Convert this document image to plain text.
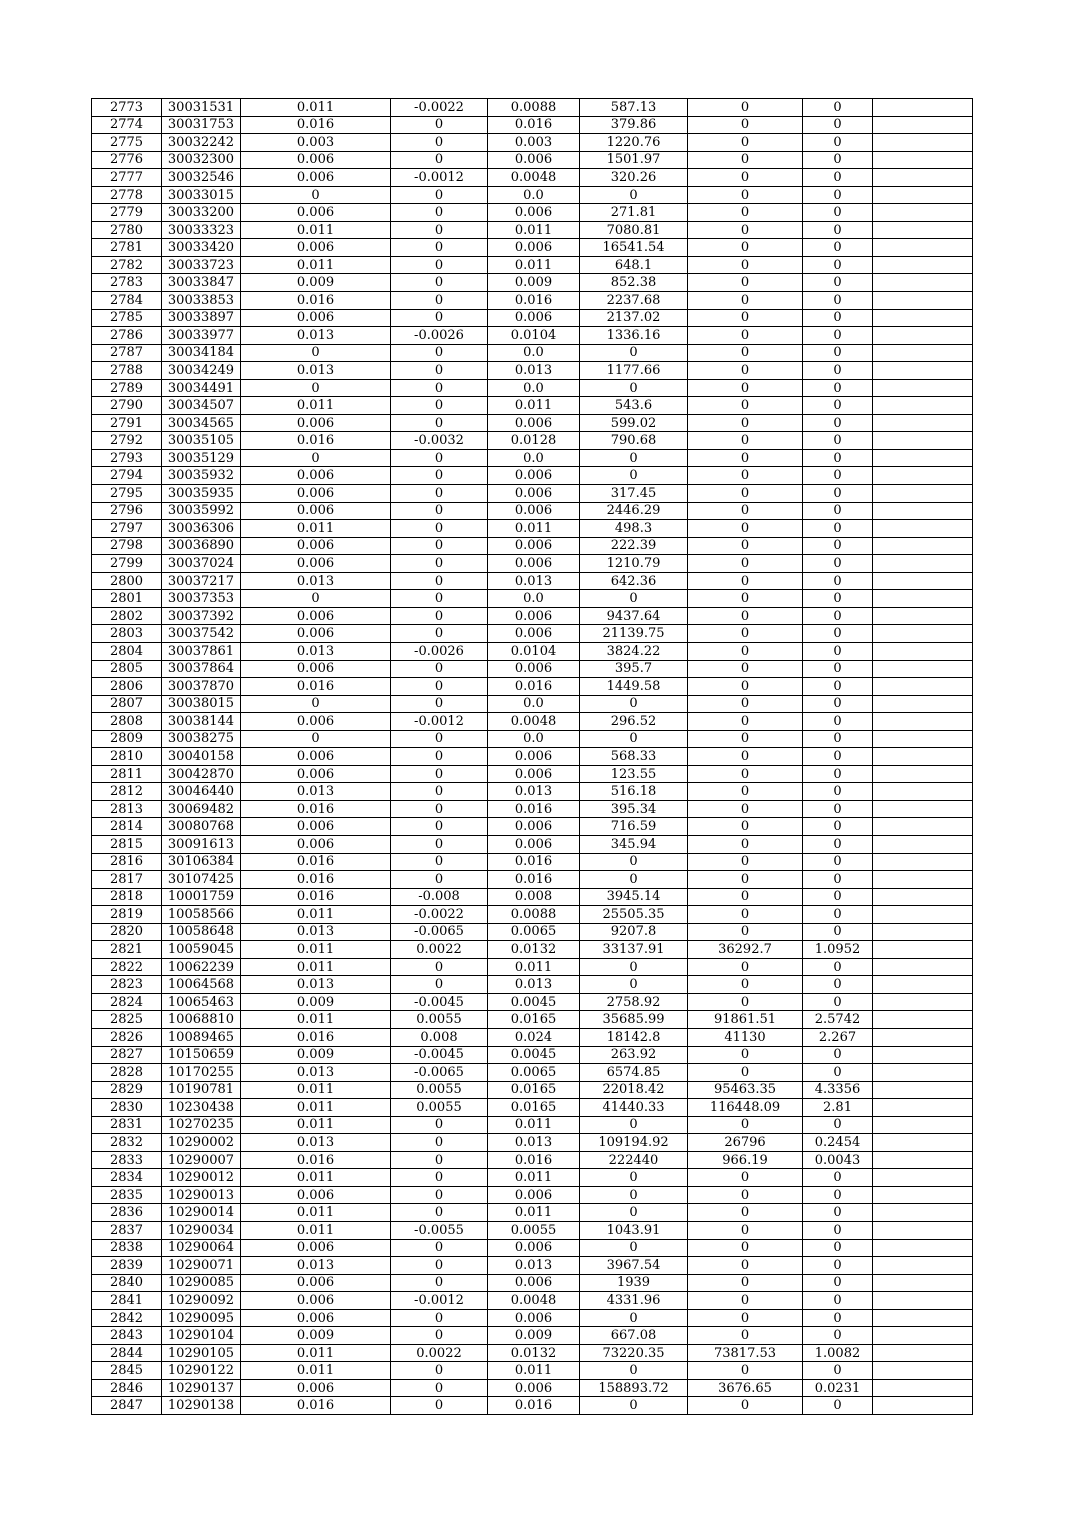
2773	30031531	0.011	-0.0022	0.0088	587.13	0	0	
2774	30031753	0.016	0	0.016	379.86	0	0	
2775	30032242	0.003	0	0.003	1220.76	0	0	
2776	30032300	0.006	0	0.006	1501.97	0	0	
2777	30032546	0.006	-0.0012	0.0048	320.26	0	0	
2778	30033015	0	0	0.0	0	0	0	
2779	30033200	0.006	0	0.006	271.81	0	0	
2780	30033323	0.011	0	0.011	7080.81	0	0	
2781	30033420	0.006	0	0.006	16541.54	0	0	
2782	30033723	0.011	0	0.011	648.1	0	0	
2783	30033847	0.009	0	0.009	852.38	0	0	
2784	30033853	0.016	0	0.016	2237.68	0	0	
2785	30033897	0.006	0	0.006	2137.02	0	0	
2786	30033977	0.013	-0.0026	0.0104	1336.16	0	0	
2787	30034184	0	0	0.0	0	0	0	
2788	30034249	0.013	0	0.013	1177.66	0	0	
2789	30034491	0	0	0.0	0	0	0	
2790	30034507	0.011	0	0.011	543.6	0	0	
2791	30034565	0.006	0	0.006	599.02	0	0	
2792	30035105	0.016	-0.0032	0.0128	790.68	0	0	
2793	30035129	0	0	0.0	0	0	0	
2794	30035932	0.006	0	0.006	0	0	0	
2795	30035935	0.006	0	0.006	317.45	0	0	
2796	30035992	0.006	0	0.006	2446.29	0	0	
2797	30036306	0.011	0	0.011	498.3	0	0	
2798	30036890	0.006	0	0.006	222.39	0	0	
2799	30037024	0.006	0	0.006	1210.79	0	0	
2800	30037217	0.013	0	0.013	642.36	0	0	
2801	30037353	0	0	0.0	0	0	0	
2802	30037392	0.006	0	0.006	9437.64	0	0	
2803	30037542	0.006	0	0.006	21139.75	0	0	
2804	30037861	0.013	-0.0026	0.0104	3824.22	0	0	
2805	30037864	0.006	0	0.006	395.7	0	0	
2806	30037870	0.016	0	0.016	1449.58	0	0	
2807	30038015	0	0	0.0	0	0	0	
2808	30038144	0.006	-0.0012	0.0048	296.52	0	0	
2809	30038275	0	0	0.0	0	0	0	
2810	30040158	0.006	0	0.006	568.33	0	0	
2811	30042870	0.006	0	0.006	123.55	0	0	
2812	30046440	0.013	0	0.013	516.18	0	0	
2813	30069482	0.016	0	0.016	395.34	0	0	
2814	30080768	0.006	0	0.006	716.59	0	0	
2815	30091613	0.006	0	0.006	345.94	0	0	
2816	30106384	0.016	0	0.016	0	0	0	
2817	30107425	0.016	0	0.016	0	0	0	
2818	10001759	0.016	-0.008	0.008	3945.14	0	0	
2819	10058566	0.011	-0.0022	0.0088	25505.35	0	0	
2820	10058648	0.013	-0.0065	0.0065	9207.8	0	0	
2821	10059045	0.011	0.0022	0.0132	33137.91	36292.7	1.0952	
2822	10062239	0.011	0	0.011	0	0	0	
2823	10064568	0.013	0	0.013	0	0	0	
2824	10065463	0.009	-0.0045	0.0045	2758.92	0	0	
2825	10068810	0.011	0.0055	0.0165	35685.99	91861.51	2.5742	
2826	10089465	0.016	0.008	0.024	18142.8	41130	2.267	
2827	10150659	0.009	-0.0045	0.0045	263.92	0	0	
2828	10170255	0.013	-0.0065	0.0065	6574.85	0	0	
2829	10190781	0.011	0.0055	0.0165	22018.42	95463.35	4.3356	
2830	10230438	0.011	0.0055	0.0165	41440.33	116448.09	2.81	
2831	10270235	0.011	0	0.011	0	0	0	
2832	10290002	0.013	0	0.013	109194.92	26796	0.2454	
2833	10290007	0.016	0	0.016	222440	966.19	0.0043	
2834	10290012	0.011	0	0.011	0	0	0	
2835	10290013	0.006	0	0.006	0	0	0	
2836	10290014	0.011	0	0.011	0	0	0	
2837	10290034	0.011	-0.0055	0.0055	1043.91	0	0	
2838	10290064	0.006	0	0.006	0	0	0	
2839	10290071	0.013	0	0.013	3967.54	0	0	
2840	10290085	0.006	0	0.006	1939	0	0	
2841	10290092	0.006	-0.0012	0.0048	4331.96	0	0	
2842	10290095	0.006	0	0.006	0	0	0	
2843	10290104	0.009	0	0.009	667.08	0	0	
2844	10290105	0.011	0.0022	0.0132	73220.35	73817.53	1.0082	
2845	10290122	0.011	0	0.011	0	0	0	
2846	10290137	0.006	0	0.006	158893.72	3676.65	0.0231	
2847	10290138	0.016	0	0.016	0	0	0	
